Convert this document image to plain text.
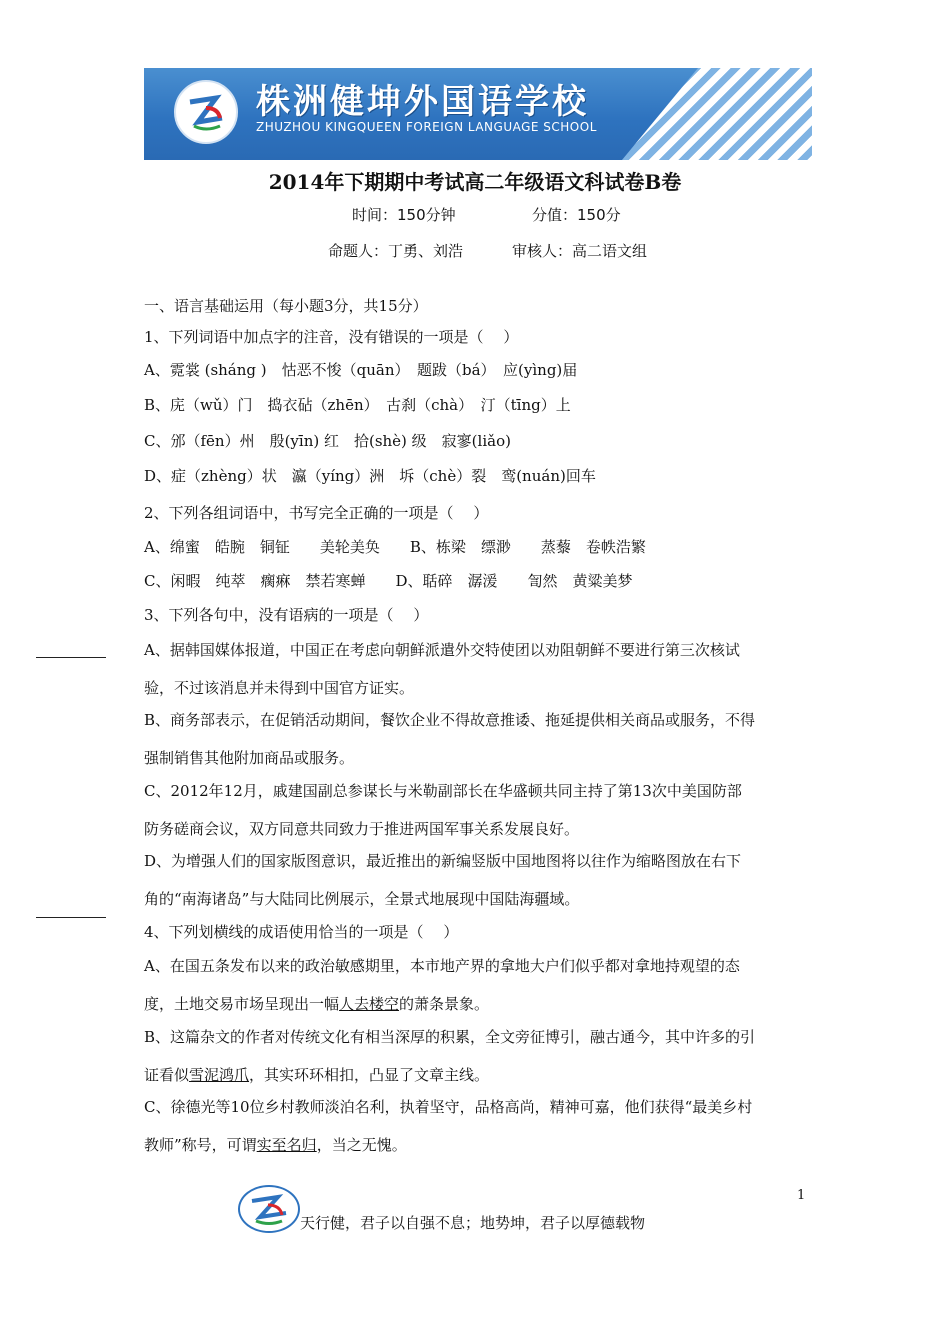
株洲健坤外国语学校
ZHUZHOU KINGQUEEN FOREIGN LANGUAGE SCHOOL
2014年下期期中考试高二年级语文科试卷B卷
时间：150分钟	分值：150分
命题人：丁勇、刘浩	审核人：高二语文组
一、语言基础运用（每小题3分，共15分）
1、下列词语中加点字的注音，没有错误的一项是（　 ）
A、霓裳 (sháng )　怙恶不悛（quān）　题跋（bá）　应(yìng)届
B、庑（wǔ）门　捣衣砧（zhēn）　古刹（chà）　汀（tīng）上
C、邠（fēn）州　殷(yīn) 红　拾(shè) 级　寂寥(liǎo)
D、症（zhèng）状　瀛（yíng）洲　坼（chè）裂　鸾(nuán)回车
2、下列各组词语中，书写完全正确的一项是（　 ）
A、绵蜜　皓腕　铜钲　　美轮美奂　　B、栋梁　缥渺　　蒸藜　卷帙浩繁
C、闲暇　纯萃　瘸痳　禁若寒蝉　　D、聒碎　潺湲　　訇然　黄粱美梦
3、下列各句中，没有语病的一项是（　 ）
A、据韩国媒体报道，中国正在考虑向朝鲜派遣外交特使团以劝阻朝鲜不要进行第三次核试
验，不过该消息并未得到中国官方证实。
B、商务部表示，在促销活动期间，餐饮企业不得故意推诿、拖延提供相关商品或服务，不得
强制销售其他附加商品或服务。
C、2012年12月，戚建国副总参谋长与米勒副部长在华盛顿共同主持了第13次中美国防部
防务磋商会议，双方同意共同致力于推进两国军事关系发展良好。
D、为增强人们的国家版图意识，最近推出的新编竖版中国地图将以往作为缩略图放在右下
角的“南海诸岛”与大陆同比例展示，全景式地展现中国陆海疆域。
4、下列划横线的成语使用恰当的一项是（　 ）
A、在国五条发布以来的政治敏感期里，本市地产界的拿地大户们似乎都对拿地持观望的态
度，土地交易市场呈现出一幅人去楼空的萧条景象。
B、这篇杂文的作者对传统文化有相当深厚的积累，全文旁征博引，融古通今，其中许多的引
证看似雪泥鸿爪，其实环环相扣，凸显了文章主线。
C、徐德光等10位乡村教师淡泊名利，执着坚守，品格高尚，精神可嘉，他们获得“最美乡村
教师”称号，可谓实至名归，当之无愧。
1
天行健，君子以自强不息；地势坤，君子以厚德载物
